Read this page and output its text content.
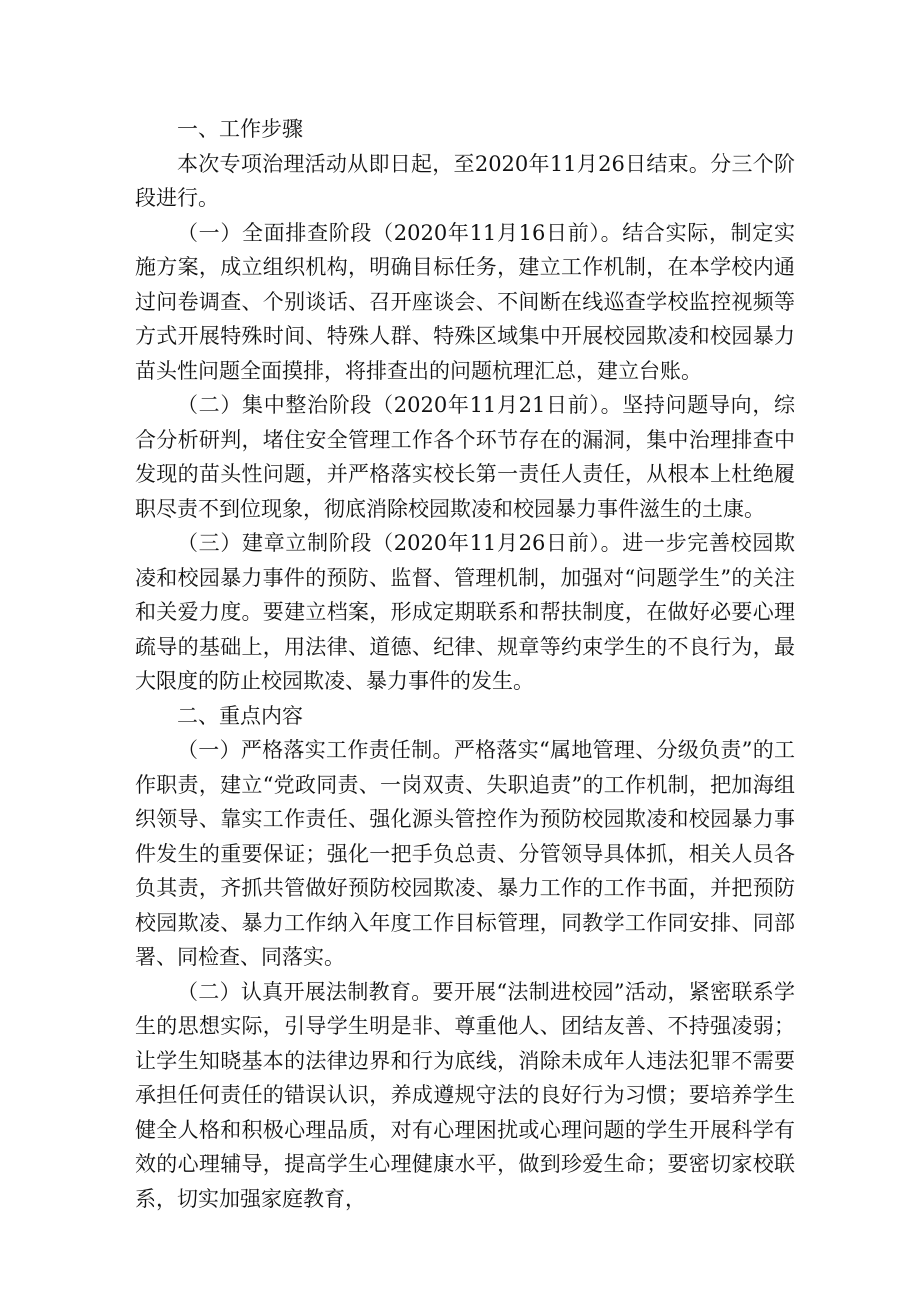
一、工作步骤

本次专项治理活动从即日起，至2020年11月26日结束。分三个阶段进行。

（一）全面排查阶段（2020年11月16日前）。结合实际，制定实施方案，成立组织机构，明确目标任务，建立工作机制，在本学校内通过问卷调查、个别谈话、召开座谈会、不间断在线巡查学校监控视频等方式开展特殊时间、特殊人群、特殊区域集中开展校园欺凌和校园暴力苗头性问题全面摸排，将排查出的问题杭理汇总，建立台账。

（二）集中整治阶段（2020年11月21日前）。坚持问题导向，综合分析研判，堵住安全管理工作各个环节存在的漏洞，集中治理排查中发现的苗头性问题，并严格落实校长第一责任人责任，从根本上杜绝履职尽责不到位现象，彻底消除校园欺凌和校园暴力事件滋生的土康。

（三）建章立制阶段（2020年11月26日前）。进一步完善校园欺凌和校园暴力事件的预防、监督、管理机制，加强对“问题学生”的关注和关爱力度。要建立档案，形成定期联系和帮扶制度，在做好必要心理疏导的基础上，用法律、道德、纪律、规章等约束学生的不良行为，最大限度的防止校园欺凌、暴力事件的发生。

二、重点内容

（一）严格落实工作责任制。严格落实“属地管理、分级负责”的工作职责，建立“党政同责、一岗双责、失职追责”的工作机制，把加海组织领导、靠实工作责任、强化源头管控作为预防校园欺凌和校园暴力事件发生的重要保证；强化一把手负总责、分管领导具体抓，相关人员各负其责，齐抓共管做好预防校园欺凌、暴力工作的工作书面，并把预防校园欺凌、暴力工作纳入年度工作目标管理，同教学工作同安排、同部署、同检查、同落实。

（二）认真开展法制教育。要开展“法制进校园”活动，紧密联系学生的思想实际，引导学生明是非、尊重他人、团结友善、不持强凌弱；让学生知晓基本的法律边界和行为底线，消除未成年人违法犯罪不需要承担任何责任的错误认识，养成遵规守法的良好行为习惯；要培养学生健全人格和积极心理品质，对有心理困扰或心理问题的学生开展科学有效的心理辅导，提高学生心理健康水平，做到珍爱生命；要密切家校联系，切实加强家庭教育，
